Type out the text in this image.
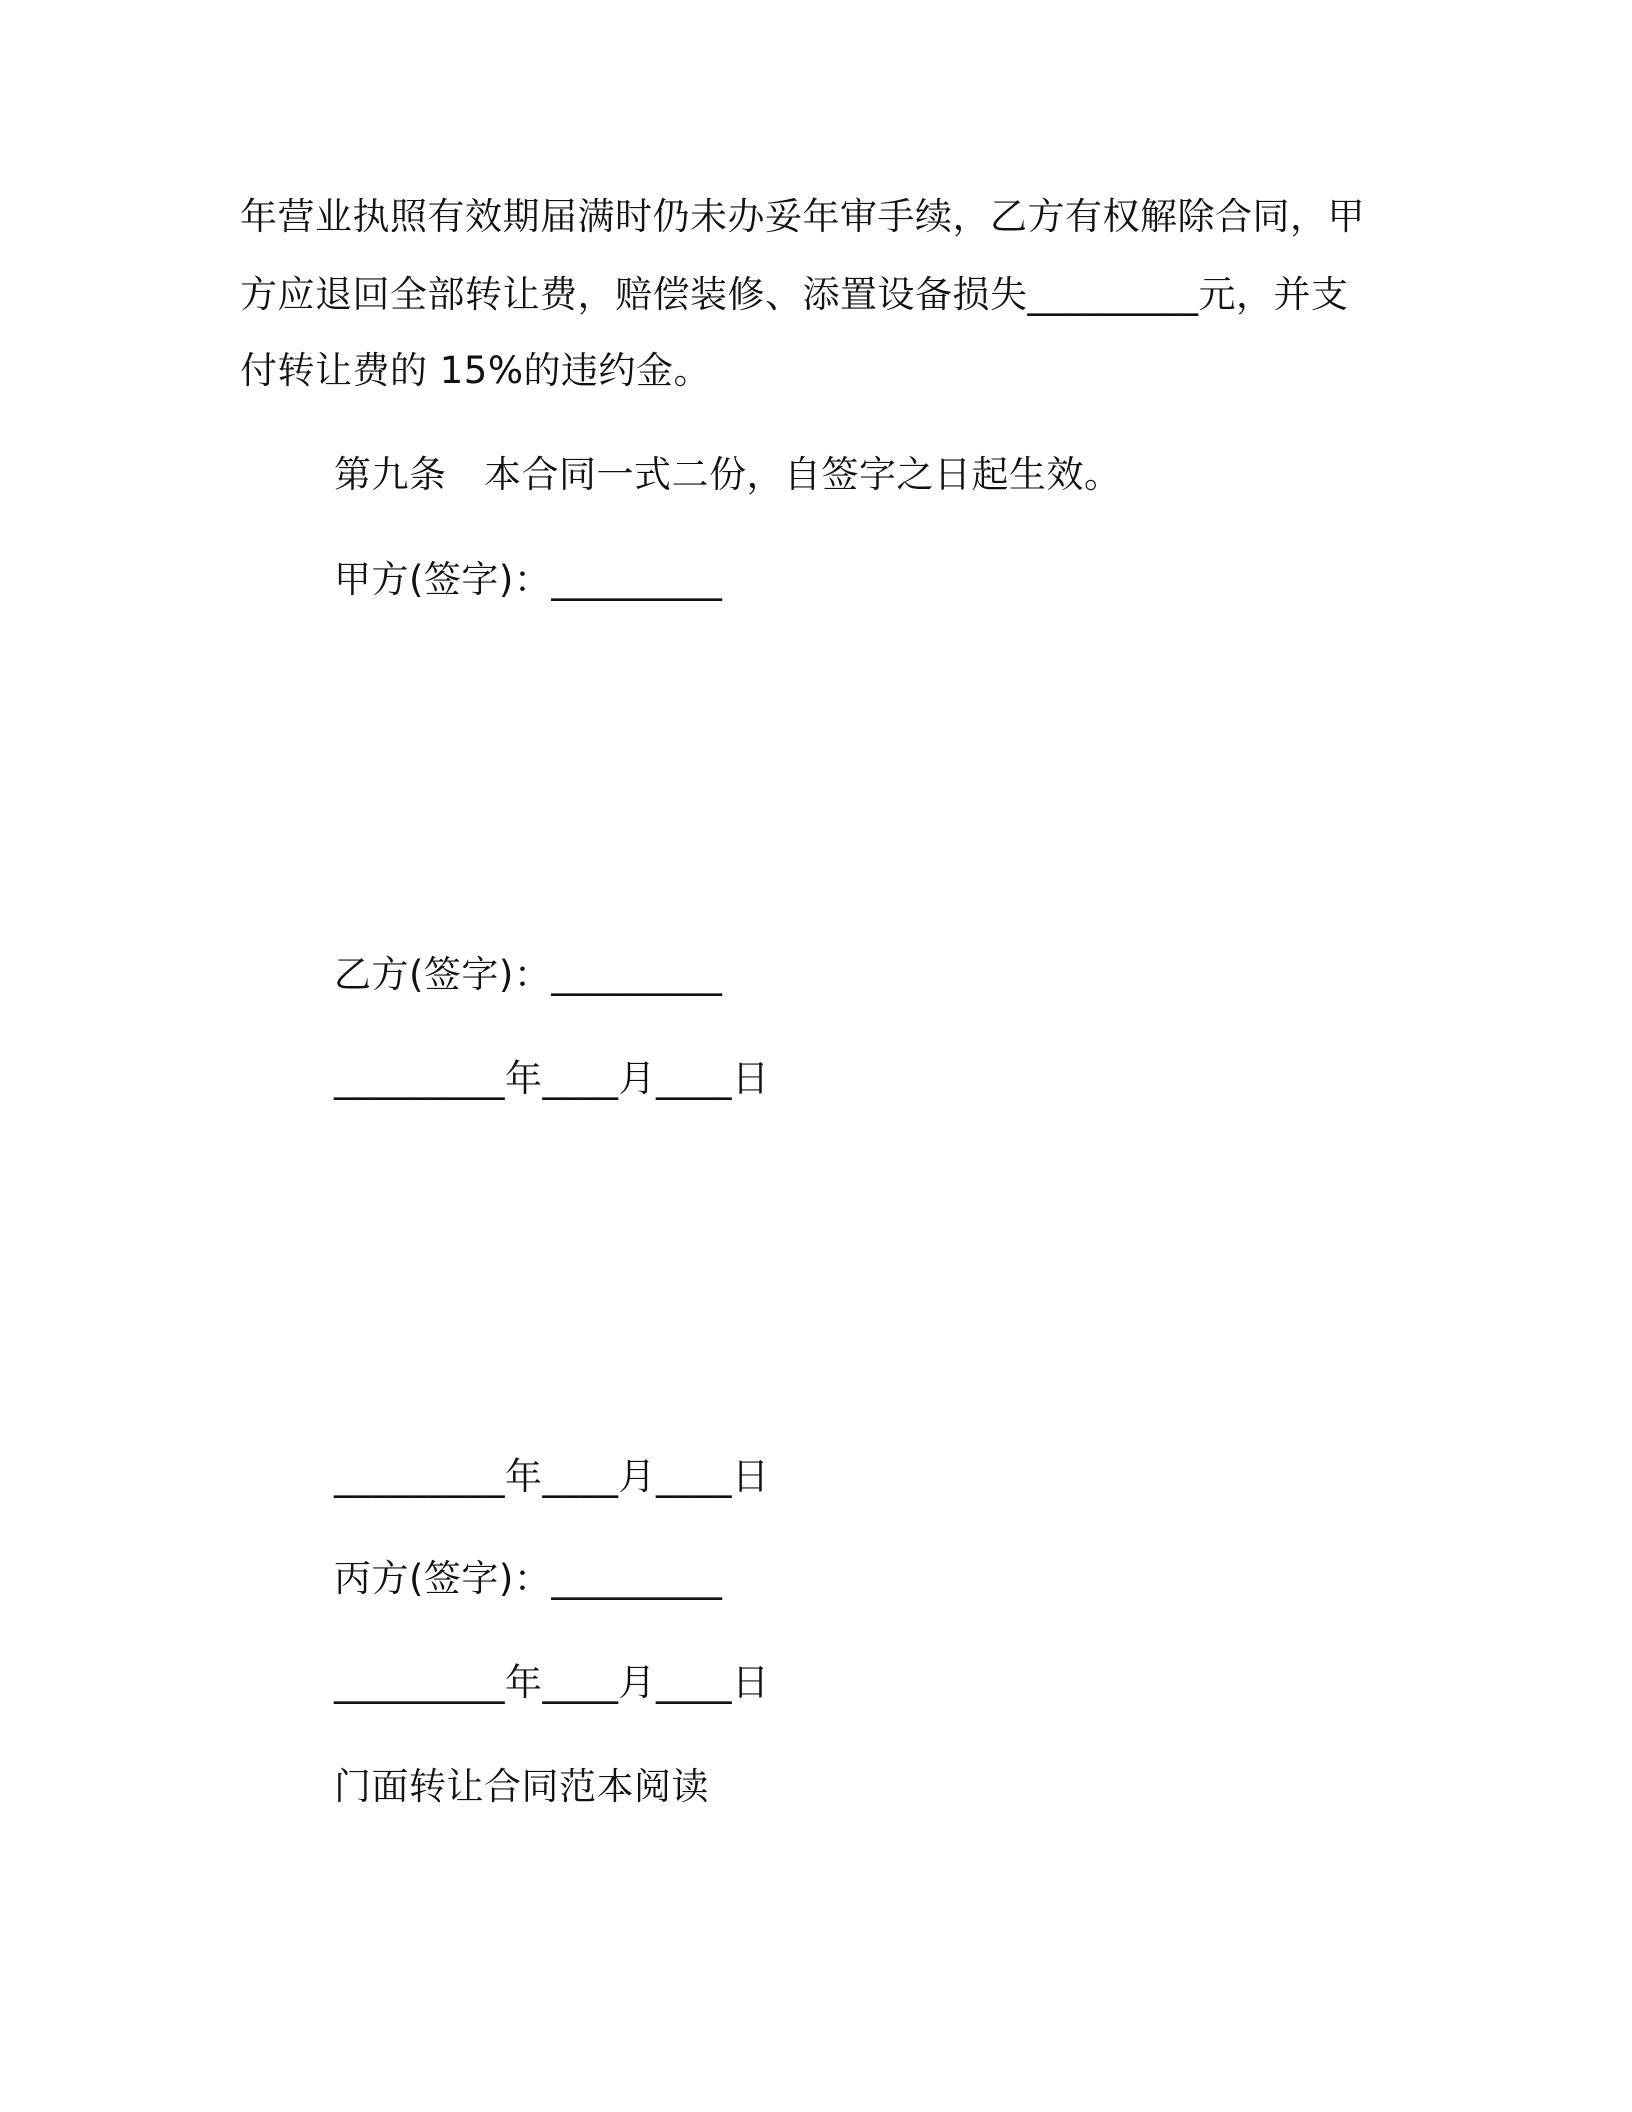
年营业执照有效期届满时仍未办妥年审手续，乙方有权解除合同，甲
方应退回全部转让费，赔偿装修、添置设备损失_________元，并支
付转让费的 15%的违约金。
第九条　本合同一式二份，自签字之日起生效。
甲方(签字)：_________
乙方(签字)：_________
_________年____月____日
_________年____月____日
丙方(签字)：_________
_________年____月____日
门面转让合同范本阅读
